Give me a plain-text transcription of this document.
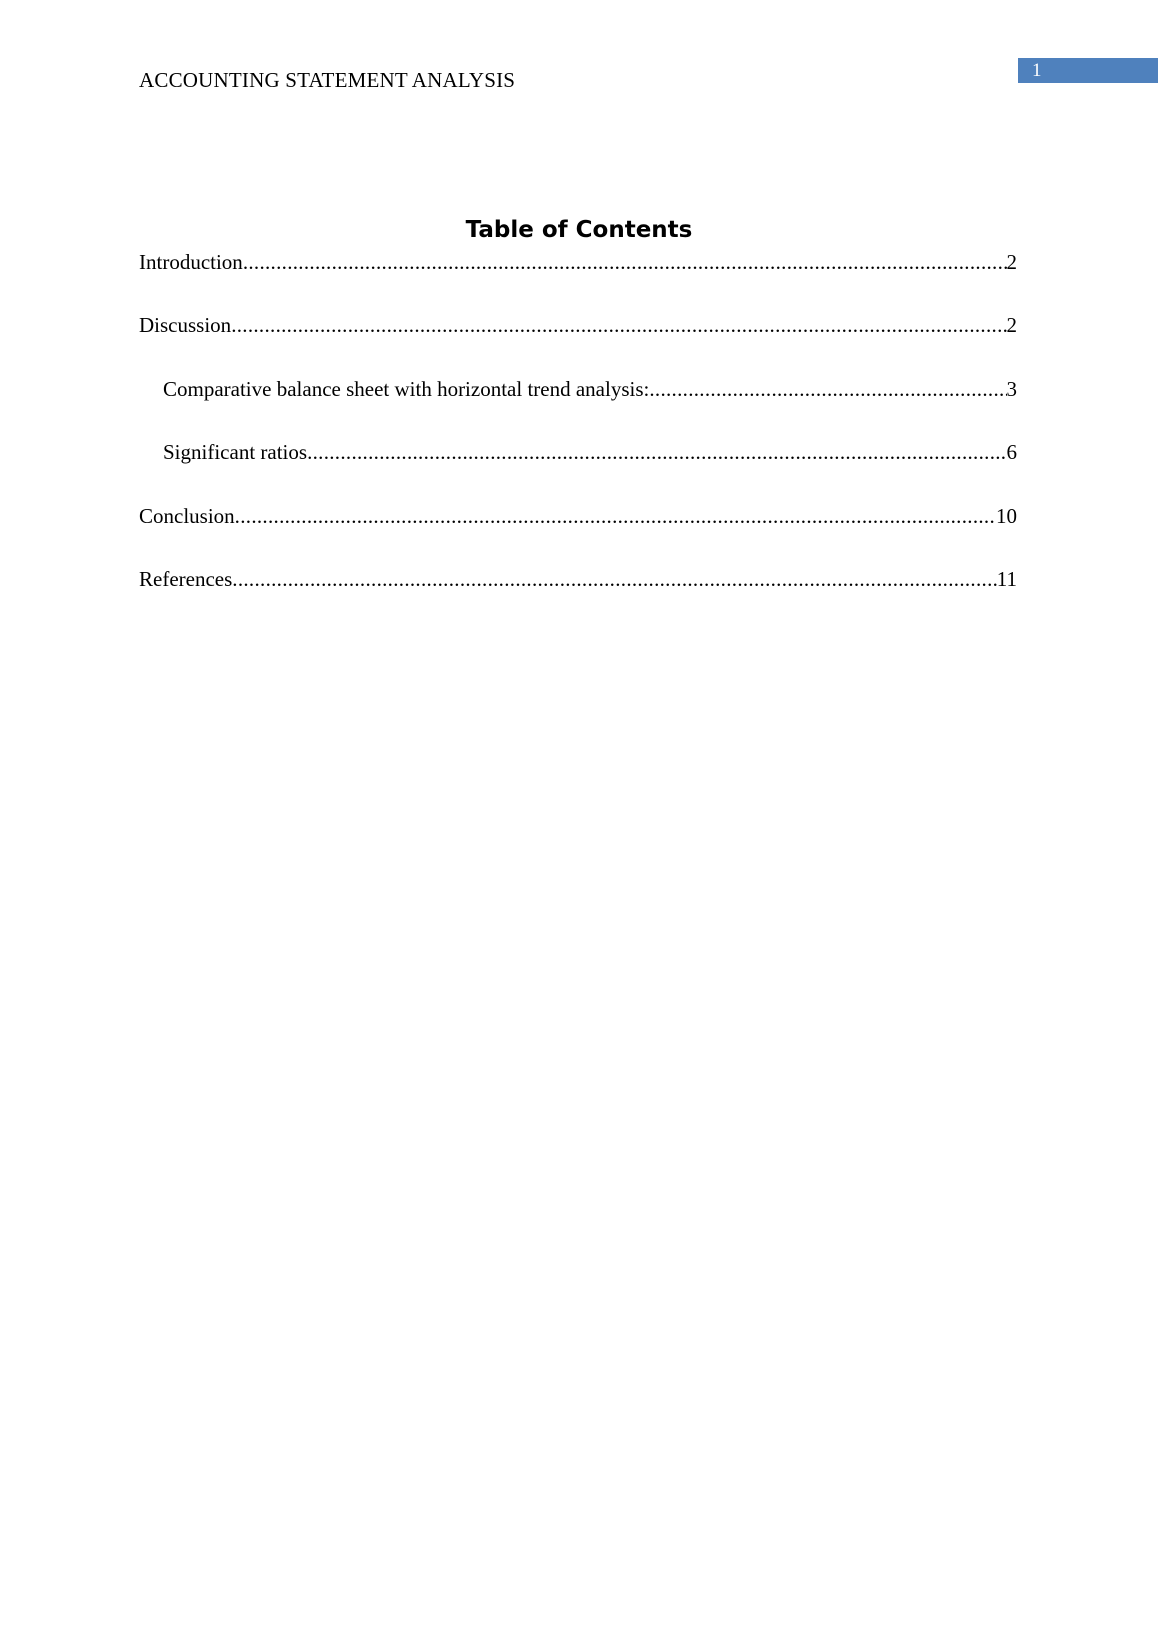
ACCOUNTING STATEMENT ANALYSIS	1
Table of Contents
Introduction .....	2
Discussion .....	2
Comparative balance sheet with horizontal trend analysis: .....	3
Significant ratios .....	6
Conclusion .....	10
References .....	11
